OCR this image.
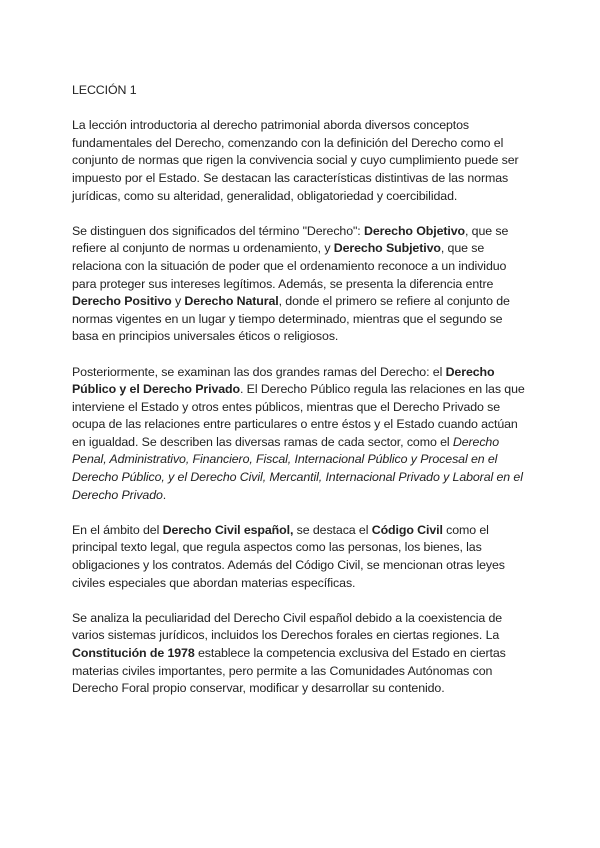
LECCIÓN 1

La lección introductoria al derecho patrimonial aborda diversos conceptos fundamentales del Derecho, comenzando con la definición del Derecho como el conjunto de normas que rigen la convivencia social y cuyo cumplimiento puede ser impuesto por el Estado. Se destacan las características distintivas de las normas jurídicas, como su alteridad, generalidad, obligatoriedad y coercibilidad.

Se distinguen dos significados del término "Derecho": Derecho Objetivo, que se refiere al conjunto de normas u ordenamiento, y Derecho Subjetivo, que se relaciona con la situación de poder que el ordenamiento reconoce a un individuo para proteger sus intereses legítimos. Además, se presenta la diferencia entre Derecho Positivo y Derecho Natural, donde el primero se refiere al conjunto de normas vigentes en un lugar y tiempo determinado, mientras que el segundo se basa en principios universales éticos o religiosos.

Posteriormente, se examinan las dos grandes ramas del Derecho: el Derecho Público y el Derecho Privado. El Derecho Público regula las relaciones en las que interviene el Estado y otros entes públicos, mientras que el Derecho Privado se ocupa de las relaciones entre particulares o entre éstos y el Estado cuando actúan en igualdad. Se describen las diversas ramas de cada sector, como el Derecho Penal, Administrativo, Financiero, Fiscal, Internacional Público y Procesal en el Derecho Público, y el Derecho Civil, Mercantil, Internacional Privado y Laboral en el Derecho Privado.

En el ámbito del Derecho Civil español, se destaca el Código Civil como el principal texto legal, que regula aspectos como las personas, los bienes, las obligaciones y los contratos. Además del Código Civil, se mencionan otras leyes civiles especiales que abordan materias específicas.

Se analiza la peculiaridad del Derecho Civil español debido a la coexistencia de varios sistemas jurídicos, incluidos los Derechos forales en ciertas regiones. La Constitución de 1978 establece la competencia exclusiva del Estado en ciertas materias civiles importantes, pero permite a las Comunidades Autónomas con Derecho Foral propio conservar, modificar y desarrollar su contenido.
